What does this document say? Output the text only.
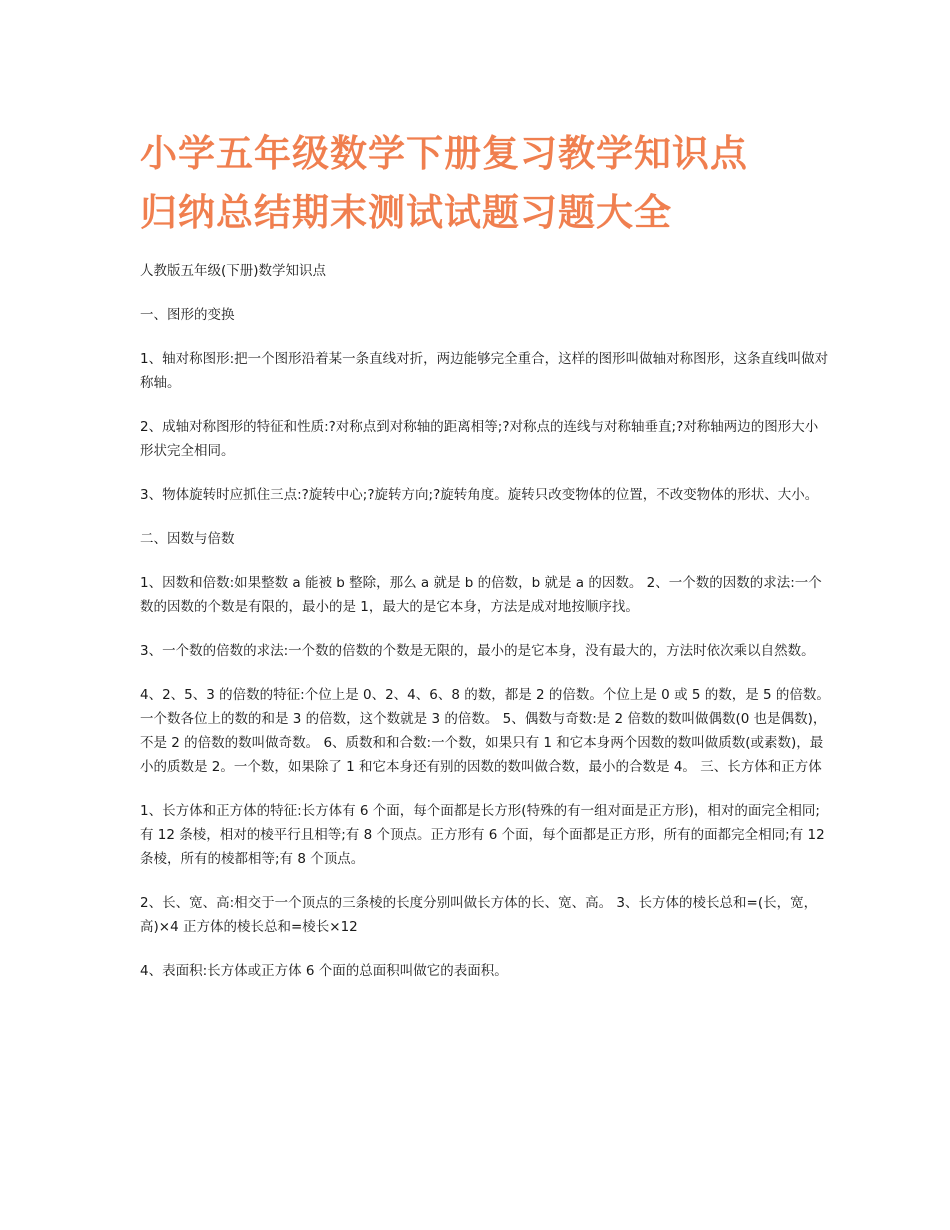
小学五年级数学下册复习教学知识点
归纳总结期末测试试题习题大全

人教版五年级(下册)数学知识点

一、图形的变换

1、轴对称图形:把一个图形沿着某一条直线对折，两边能够完全重合，这样的图形叫做轴对称图形，这条直线叫做对称轴。

2、成轴对称图形的特征和性质:?对称点到对称轴的距离相等;?对称点的连线与对称轴垂直;?对称轴两边的图形大小形状完全相同。

3、物体旋转时应抓住三点:?旋转中心;?旋转方向;?旋转角度。旋转只改变物体的位置，不改变物体的形状、大小。

二、因数与倍数

1、因数和倍数:如果整数 a 能被 b 整除，那么 a 就是 b 的倍数，b 就是 a 的因数。 2、一个数的因数的求法:一个数的因数的个数是有限的，最小的是 1，最大的是它本身，方法是成对地按顺序找。

3、一个数的倍数的求法:一个数的倍数的个数是无限的，最小的是它本身，没有最大的，方法时依次乘以自然数。

4、2、5、3 的倍数的特征:个位上是 0、2、4、6、8 的数，都是 2 的倍数。个位上是 0 或 5 的数，是 5 的倍数。一个数各位上的数的和是 3 的倍数，这个数就是 3 的倍数。 5、偶数与奇数:是 2 倍数的数叫做偶数(0 也是偶数)，不是 2 的倍数的数叫做奇数。 6、质数和和合数:一个数，如果只有 1 和它本身两个因数的数叫做质数(或素数)，最小的质数是 2。一个数，如果除了 1 和它本身还有别的因数的数叫做合数，最小的合数是 4。 三、长方体和正方体

1、长方体和正方体的特征:长方体有 6 个面，每个面都是长方形(特殊的有一组对面是正方形)，相对的面完全相同;有 12 条棱，相对的棱平行且相等;有 8 个顶点。正方形有 6 个面，每个面都是正方形，所有的面都完全相同;有 12 条棱，所有的棱都相等;有 8 个顶点。

2、长、宽、高:相交于一个顶点的三条棱的长度分别叫做长方体的长、宽、高。 3、长方体的棱长总和=(长，宽，高)×4 正方体的棱长总和=棱长×12

4、表面积:长方体或正方体 6 个面的总面积叫做它的表面积。
